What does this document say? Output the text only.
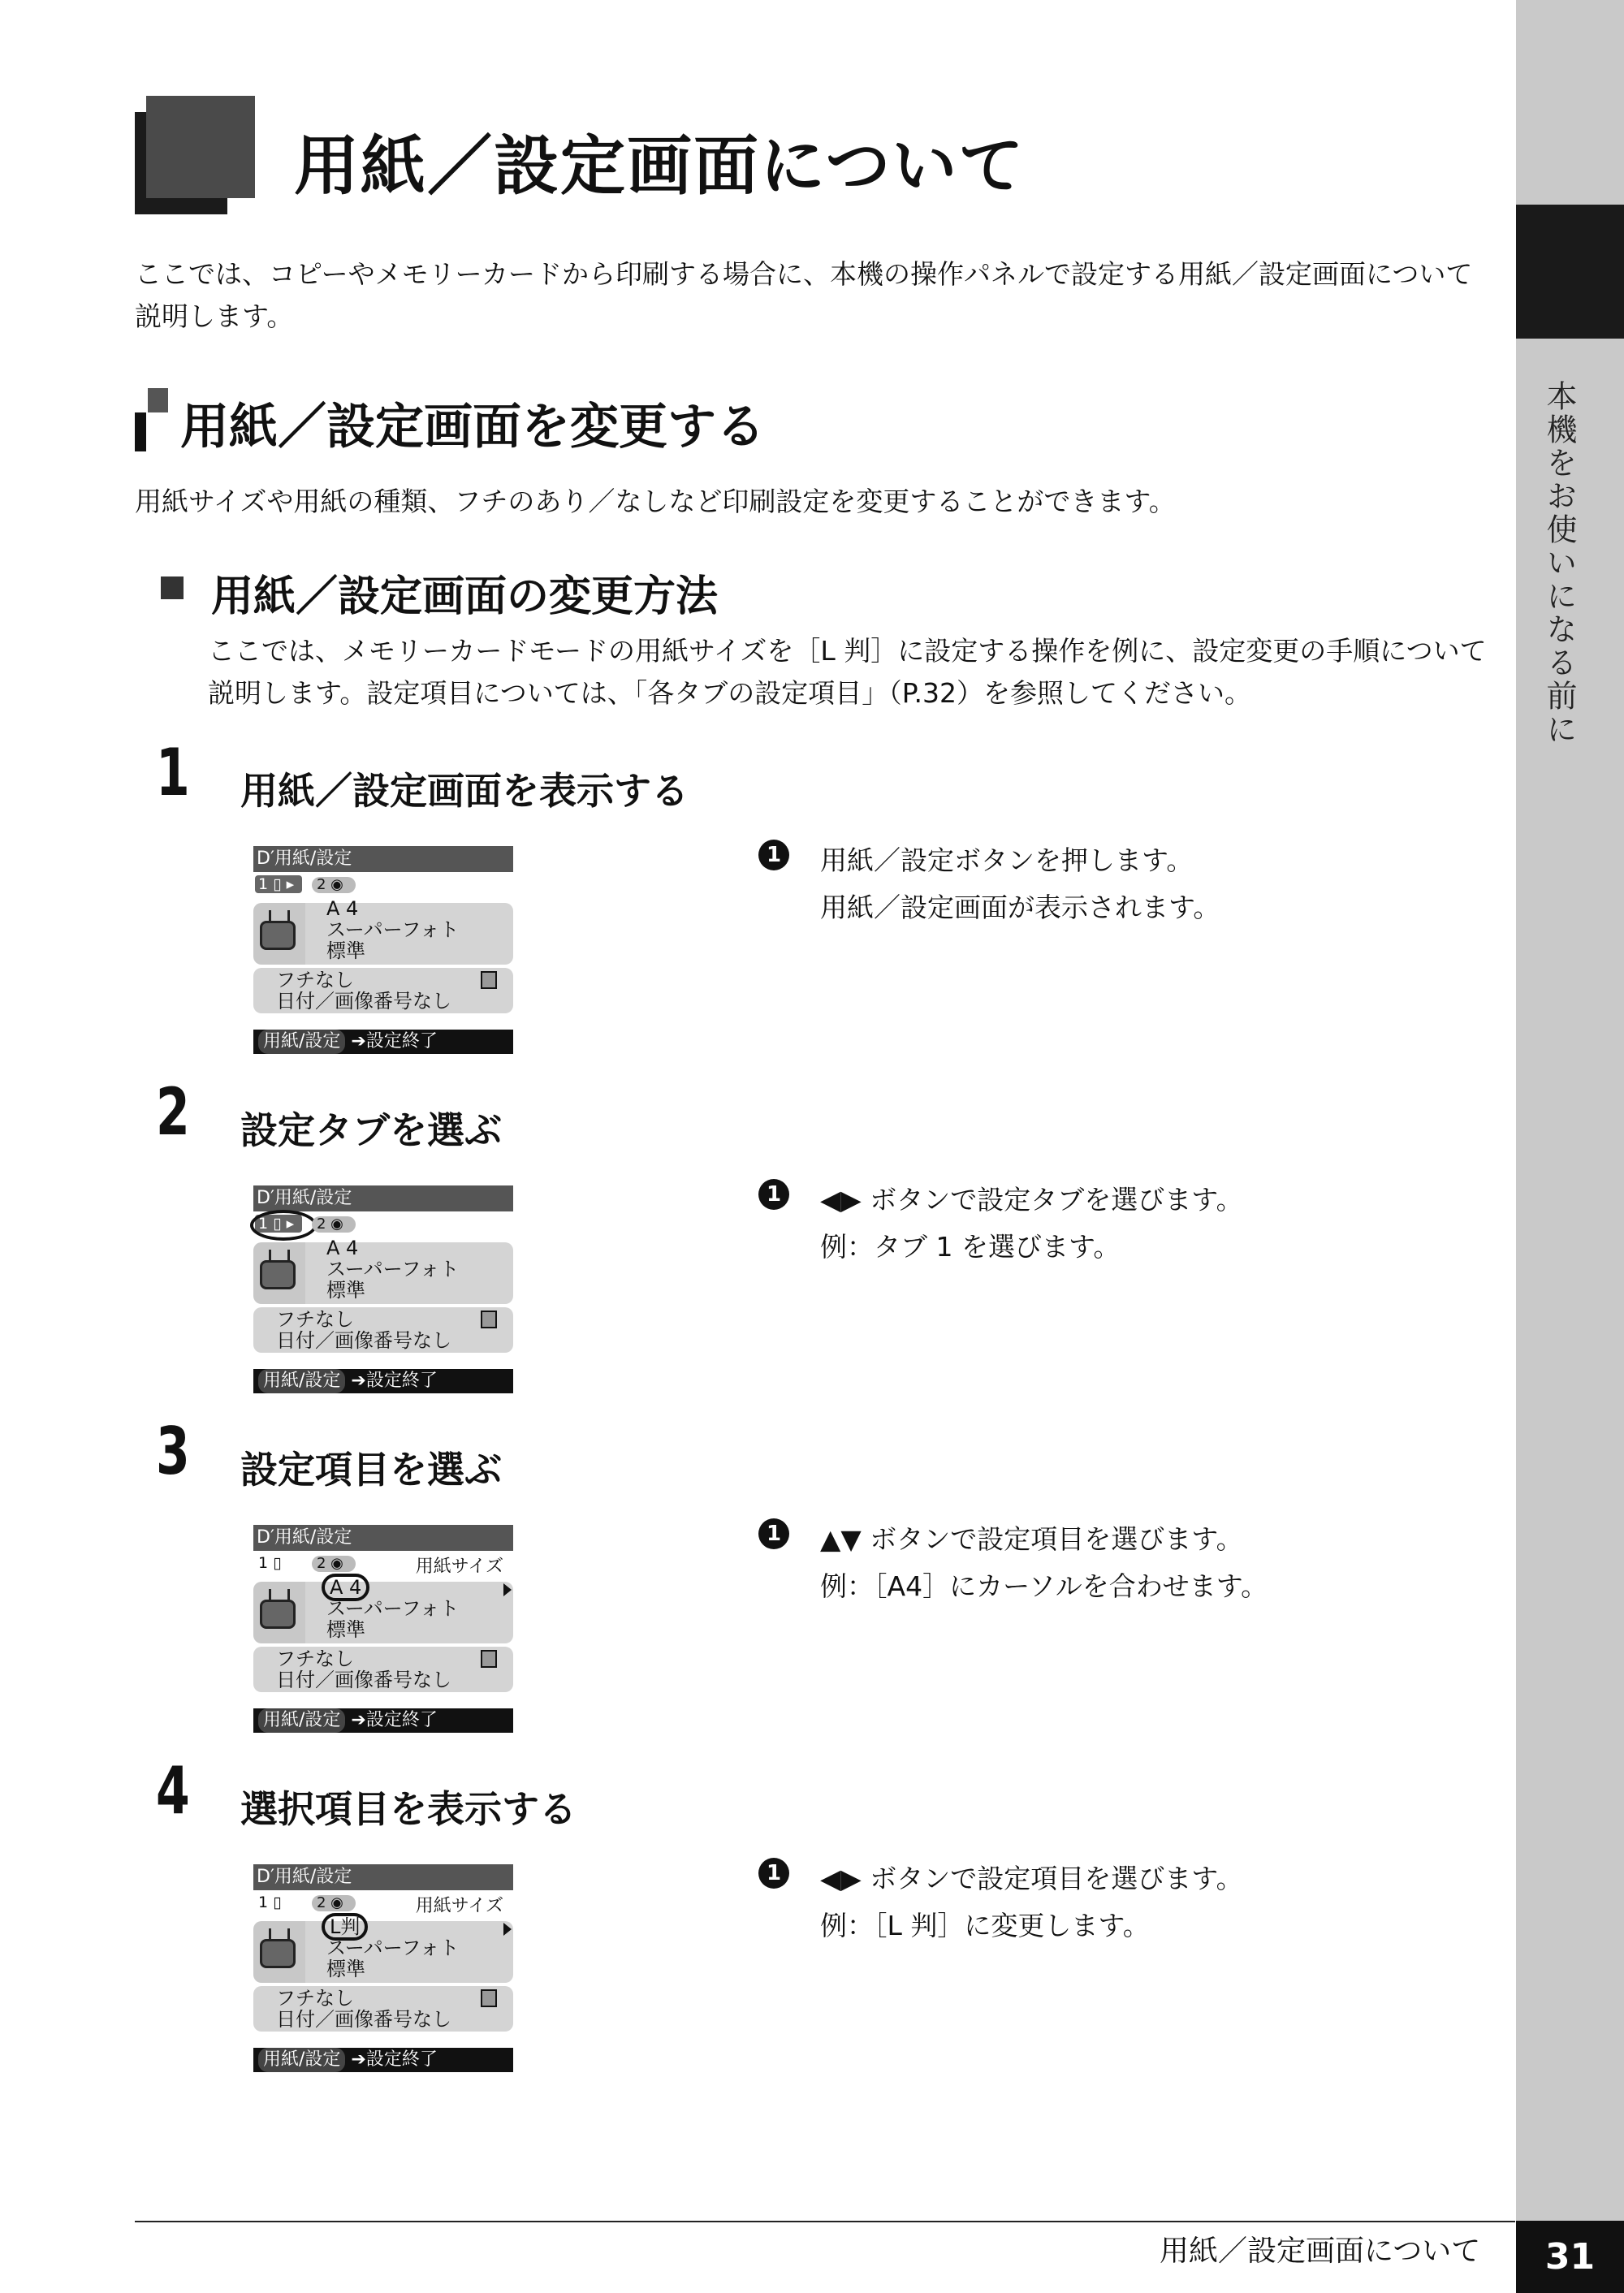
本機をお使いになる前に
用紙／設定画面について
ここでは、コピーやメモリーカードから印刷する場合に、本機の操作パネルで設定する用紙／設定画面について説明します。
用紙／設定画面を変更する
用紙サイズや用紙の種類、フチのあり／なしなど印刷設定を変更することができます。
用紙／設定画面の変更方法
ここでは、メモリーカードモードの用紙サイズを［L 判］に設定する操作を例に、設定変更の手順について説明します。設定項目については、「各タブの設定項目」（P.32）を参照してください。
1 用紙／設定画面を表示する
D′用紙/設定
1 ▯ ▸	2 ◉
A 4
スーパーフォト
標準
フチなし
日付／画像番号なし
用紙/設定 ➔設定終了
1	用紙／設定ボタンを押します。
用紙／設定画面が表示されます。
2 設定タブを選ぶ
D′用紙/設定
1 ▯ ▸	2 ◉
A 4
スーパーフォト
標準
フチなし
日付／画像番号なし
用紙/設定 ➔設定終了
1	◀▶ ボタンで設定タブを選びます。
例：タブ 1 を選びます。
3 設定項目を選ぶ
D′用紙/設定
1 ▯	2 ◉	用紙サイズ
A 4
スーパーフォト
標準
フチなし
日付／画像番号なし
用紙/設定 ➔設定終了
1	▲▼ ボタンで設定項目を選びます。
例：［A4］にカーソルを合わせます。
4 選択項目を表示する
D′用紙/設定
1 ▯	2 ◉	用紙サイズ
L判
スーパーフォト
標準
フチなし
日付／画像番号なし
用紙/設定 ➔設定終了
1	◀▶ ボタンで設定項目を選びます。
例：［L 判］に変更します。
用紙／設定画面について	31
